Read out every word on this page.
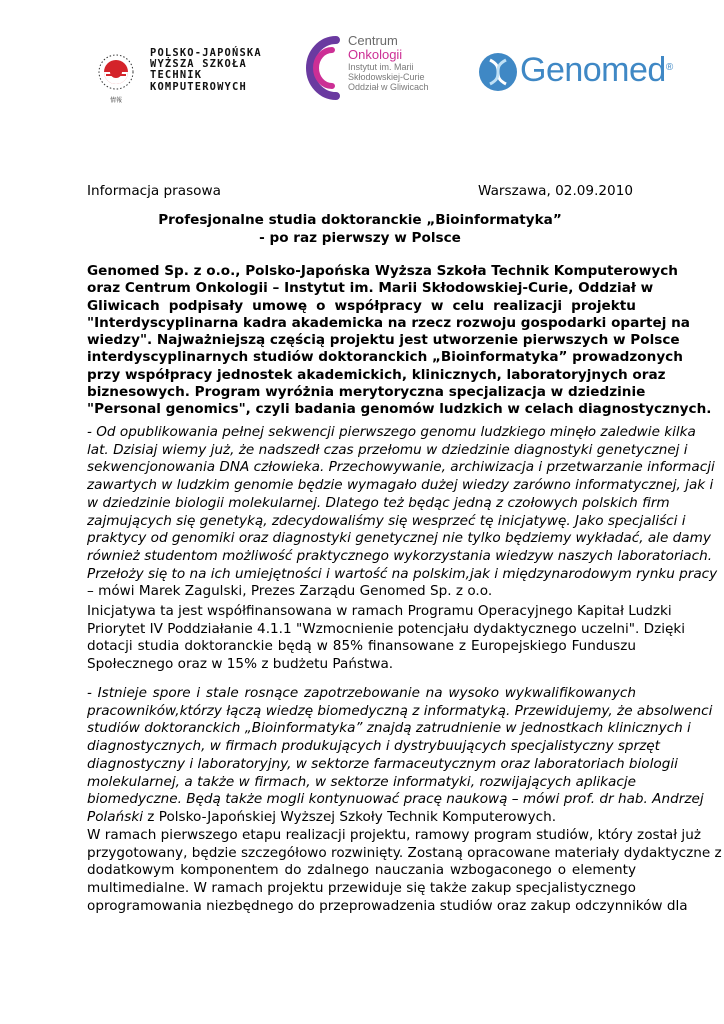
情報
POLSKO-JAPOŃSKA
WYŻSZA SZKOŁA
TECHNIK
KOMPUTEROWYCH
Centrum
Onkologii
Instytut im. Marii
Skłodowskiej-Curie
Oddział w Gliwicach	Genomed®
Informacja prasowa	Warszawa, 02.09.2010
Profesjonalne studia doktoranckie „Bioinformatyka”
- po raz pierwszy w Polsce
Genomed Sp. z o.o., Polsko-Japońska Wyższa Szkoła Technik Komputerowych
oraz Centrum Onkologii – Instytut im. Marii Skłodowskiej-Curie, Oddział w
Gliwicach podpisały umowę o współpracy w celu realizacji projektu
"Interdyscyplinarna kadra akademicka na rzecz rozwoju gospodarki opartej na
wiedzy". Najważniejszą częścią projektu jest utworzenie pierwszych w Polsce
interdyscyplinarnych studiów doktoranckich „Bioinformatyka” prowadzonych
przy współpracy jednostek akademickich, klinicznych, laboratoryjnych oraz
biznesowych. Program wyróżnia merytoryczna specjalizacja w dziedzinie
"Personal genomics", czyli badania genomów ludzkich w celach diagnostycznych.
- Od opublikowania pełnej sekwencji pierwszego genomu ludzkiego minęło zaledwie kilka
lat. Dzisiaj wiemy już, że nadszedł czas przełomu w dziedzinie diagnostyki genetycznej i
sekwencjonowania DNA człowieka. Przechowywanie, archiwizacja i przetwarzanie informacji
zawartych w ludzkim genomie będzie wymagało dużej wiedzy zarówno informatycznej, jak i
w dziedzinie biologii molekularnej. Dlatego też będąc jedną z czołowych polskich firm
zajmujących się genetyką, zdecydowaliśmy się wesprzeć tę inicjatywę. Jako specjaliści i
praktycy od genomiki oraz diagnostyki genetycznej nie tylko będziemy wykładać, ale damy
również studentom możliwość praktycznego wykorzystania wiedzyw naszych laboratoriach.
Przełoży się to na ich umiejętności i wartość na polskim,jak i międzynarodowym rynku pracy
– mówi Marek Zagulski, Prezes Zarządu Genomed Sp. z o.o.
Inicjatywa ta jest współfinansowana w ramach Programu Operacyjnego Kapitał Ludzki
Priorytet IV Poddziałanie 4.1.1 "Wzmocnienie potencjału dydaktycznego uczelni". Dzięki
dotacji studia doktoranckie będą w 85% finansowane z Europejskiego Funduszu
Społecznego oraz w 15% z budżetu Państwa.
- Istnieje spore i stale rosnące zapotrzebowanie na wysoko wykwalifikowanych
pracowników,którzy łączą wiedzę biomedyczną z informatyką. Przewidujemy, że absolwenci
studiów doktoranckich „Bioinformatyka” znajdą zatrudnienie w jednostkach klinicznych i
diagnostycznych, w firmach produkujących i dystrybuujących specjalistyczny sprzęt
diagnostyczny i laboratoryjny, w sektorze farmaceutycznym oraz laboratoriach biologii
molekularnej, a także w firmach, w sektorze informatyki, rozwijających aplikacje
biomedyczne. Będą także mogli kontynuować pracę naukową – mówi prof. dr hab. Andrzej
Polański z Polsko-Japońskiej Wyższej Szkoły Technik Komputerowych.
W ramach pierwszego etapu realizacji projektu, ramowy program studiów, który został już
przygotowany, będzie szczegółowo rozwinięty. Zostaną opracowane materiały dydaktyczne z
dodatkowym komponentem do zdalnego nauczania wzbogaconego o elementy
multimedialne. W ramach projektu przewiduje się także zakup specjalistycznego
oprogramowania niezbędnego do przeprowadzenia studiów oraz zakup odczynników dla
